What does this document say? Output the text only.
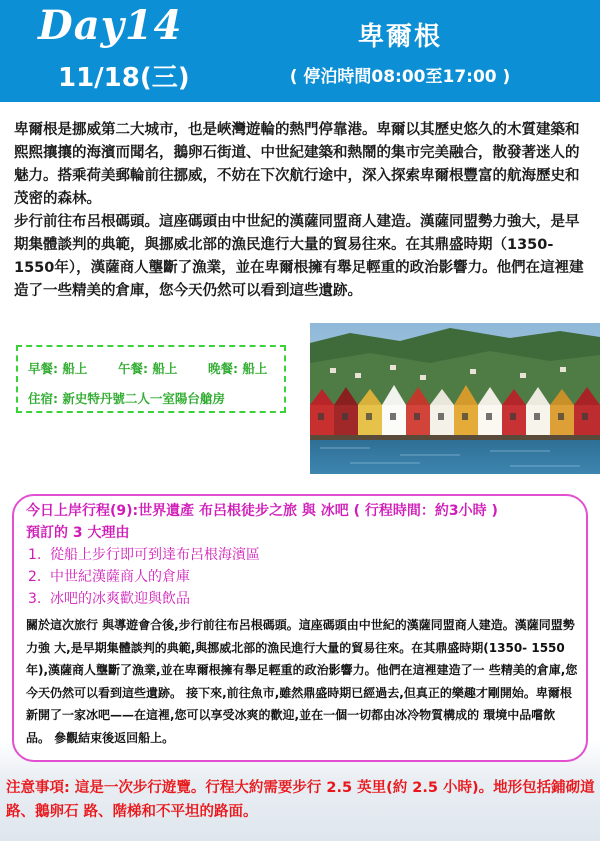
Day14
11/18(三)
卑爾根
( 停泊時間08:00至17:00 )

卑爾根是挪威第二大城市，也是峽灣遊輪的熱門停靠港。卑爾以其歷史悠久的木質建築和熙熙攘攘的海濱而聞名，鵝卵石街道、中世紀建築和熱鬧的集市完美融合，散發著迷人的魅力。搭乘荷美郵輪前往挪威，不妨在下次航行途中，深入探索卑爾根豐富的航海歷史和茂密的森林。

步行前往布呂根碼頭。這座碼頭由中世紀的漢薩同盟商人建造。漢薩同盟勢力強大，是早期集體談判的典範，與挪威北部的漁民進行大量的貿易往來。在其鼎盛時期（1350-1550年），漢薩商人壟斷了漁業，並在卑爾根擁有舉足輕重的政治影響力。他們在這裡建造了一些精美的倉庫，您今天仍然可以看到這些遺跡。

早餐: 船上 午餐: 船上 晚餐: 船上
住宿: 新史特丹號二人一室陽台艙房
今日上岸行程(9):世界遺產 布呂根徒步之旅 與 冰吧 ( 行程時間：約3小時 )
預訂的 3 大理由
1. 從船上步行即可到達布呂根海濱區
2. 中世紀漢薩商人的倉庫
3. 冰吧的冰爽歡迎與飲品

關於這次旅行 與導遊會合後,步行前往布呂根碼頭。這座碼頭由中世紀的漢薩同盟商人建造。漢薩同盟勢力強 大,是早期集體談判的典範,與挪威北部的漁民進行大量的貿易往來。在其鼎盛時期(1350- 1550 年),漢薩商人壟斷了漁業,並在卑爾根擁有舉足輕重的政治影響力。他們在這裡建造了一 些精美的倉庫,您今天仍然可以看到這些遺跡。 接下來,前往魚市,雖然鼎盛時期已經過去,但真正的樂趣才剛開始。卑爾根新開了一家冰吧——在這裡,您可以享受冰爽的歡迎,並在一個一切都由冰冷物質構成的 環境中品嚐飲品。 參觀結束後返回船上。

注意事項: 這是一次步行遊覽。行程大約需要步行 2.5 英里(約 2.5 小時)。地形包括鋪砌道路、鵝卵石 路、階梯和不平坦的路面。
